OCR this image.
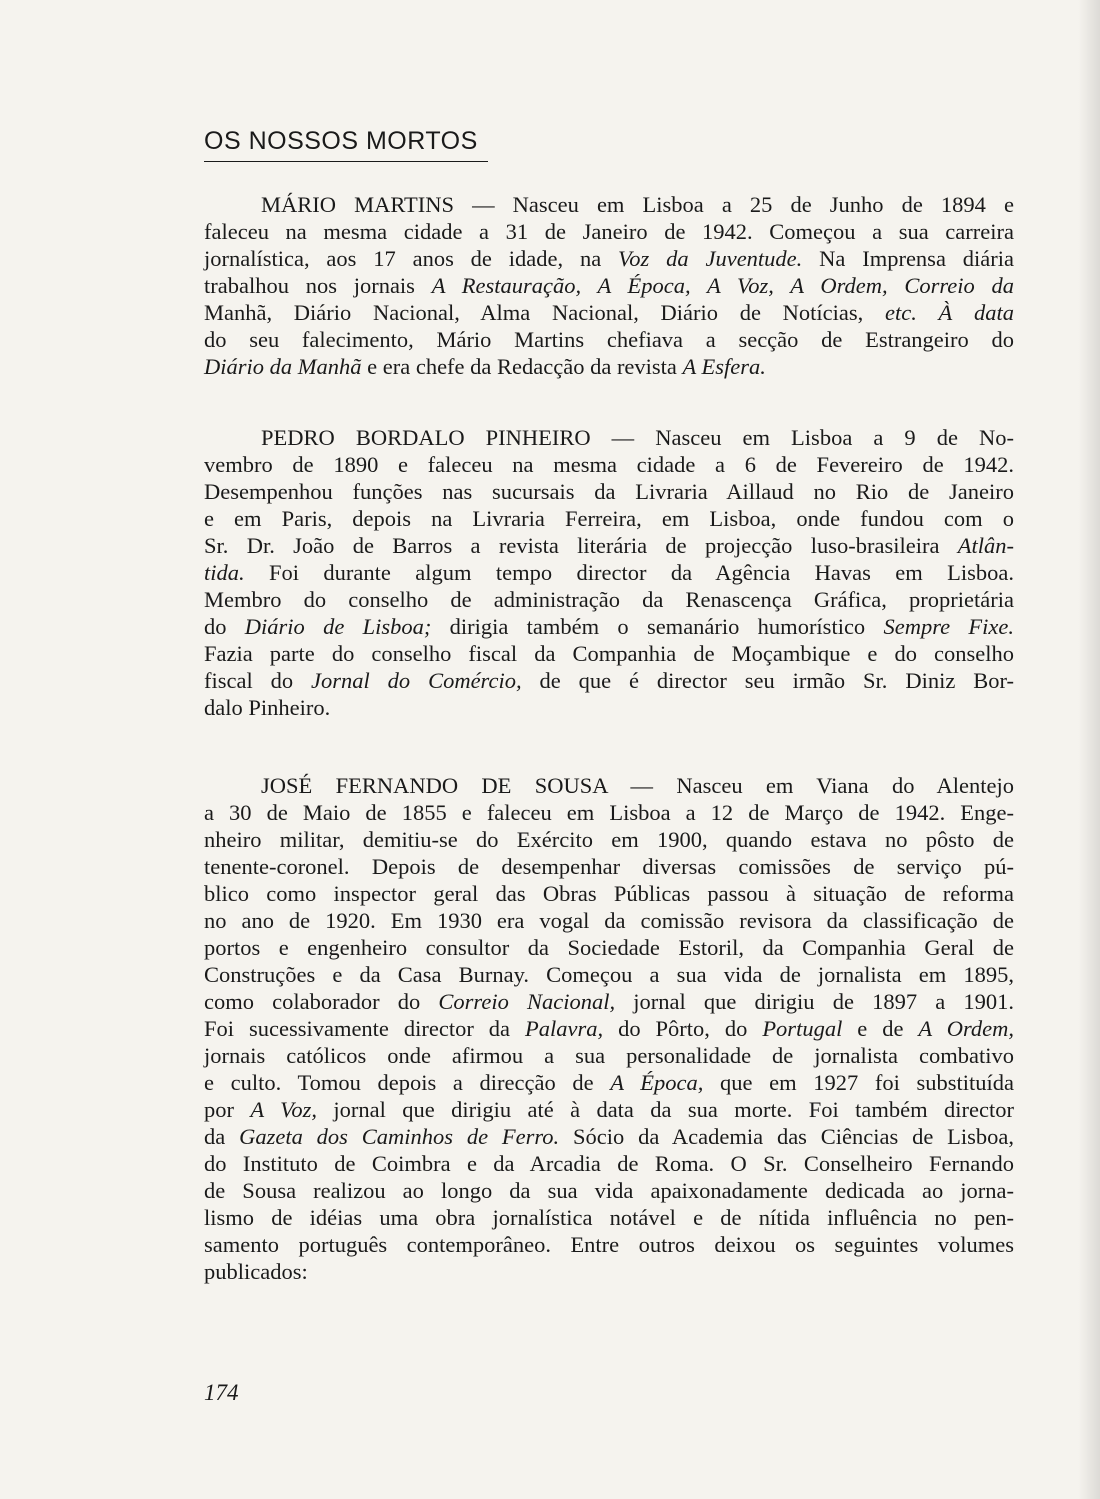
OS NOSSOS MORTOS
MÁRIO MARTINS — Nasceu em Lisboa a 25 de Junho de 1894 e
faleceu na mesma cidade a 31 de Janeiro de 1942. Começou a sua carreira
jornalística, aos 17 anos de idade, na Voz da Juventude. Na Imprensa diária
trabalhou nos jornais A Restauração, A Época, A Voz, A Ordem, Correio da
Manhã, Diário Nacional, Alma Nacional, Diário de Notícias, etc. À data
do seu falecimento, Mário Martins chefiava a secção de Estrangeiro do
Diário da Manhã e era chefe da Redacção da revista A Esfera.
PEDRO BORDALO PINHEIRO — Nasceu em Lisboa a 9 de No-
vembro de 1890 e faleceu na mesma cidade a 6 de Fevereiro de 1942.
Desempenhou funções nas sucursais da Livraria Aillaud no Rio de Janeiro
e em Paris, depois na Livraria Ferreira, em Lisboa, onde fundou com o
Sr. Dr. João de Barros a revista literária de projecção luso-brasileira Atlân-
tida. Foi durante algum tempo director da Agência Havas em Lisboa.
Membro do conselho de administração da Renascença Gráfica, proprietária
do Diário de Lisboa; dirigia também o semanário humorístico Sempre Fixe.
Fazia parte do conselho fiscal da Companhia de Moçambique e do conselho
fiscal do Jornal do Comércio, de que é director seu irmão Sr. Diniz Bor-
dalo Pinheiro.
JOSÉ FERNANDO DE SOUSA — Nasceu em Viana do Alentejo
a 30 de Maio de 1855 e faleceu em Lisboa a 12 de Março de 1942. Enge-
nheiro militar, demitiu-se do Exército em 1900, quando estava no pôsto de
tenente-coronel. Depois de desempenhar diversas comissões de serviço pú-
blico como inspector geral das Obras Públicas passou à situação de reforma
no ano de 1920. Em 1930 era vogal da comissão revisora da classificação de
portos e engenheiro consultor da Sociedade Estoril, da Companhia Geral de
Construções e da Casa Burnay. Começou a sua vida de jornalista em 1895,
como colaborador do Correio Nacional, jornal que dirigiu de 1897 a 1901.
Foi sucessivamente director da Palavra, do Pôrto, do Portugal e de A Ordem,
jornais católicos onde afirmou a sua personalidade de jornalista combativo
e culto. Tomou depois a direcção de A Época, que em 1927 foi substituída
por A Voz, jornal que dirigiu até à data da sua morte. Foi também director
da Gazeta dos Caminhos de Ferro. Sócio da Academia das Ciências de Lisboa,
do Instituto de Coimbra e da Arcadia de Roma. O Sr. Conselheiro Fernando
de Sousa realizou ao longo da sua vida apaixonadamente dedicada ao jorna-
lismo de idéias uma obra jornalística notável e de nítida influência no pen-
samento português contemporâneo. Entre outros deixou os seguintes volumes
publicados:

174
